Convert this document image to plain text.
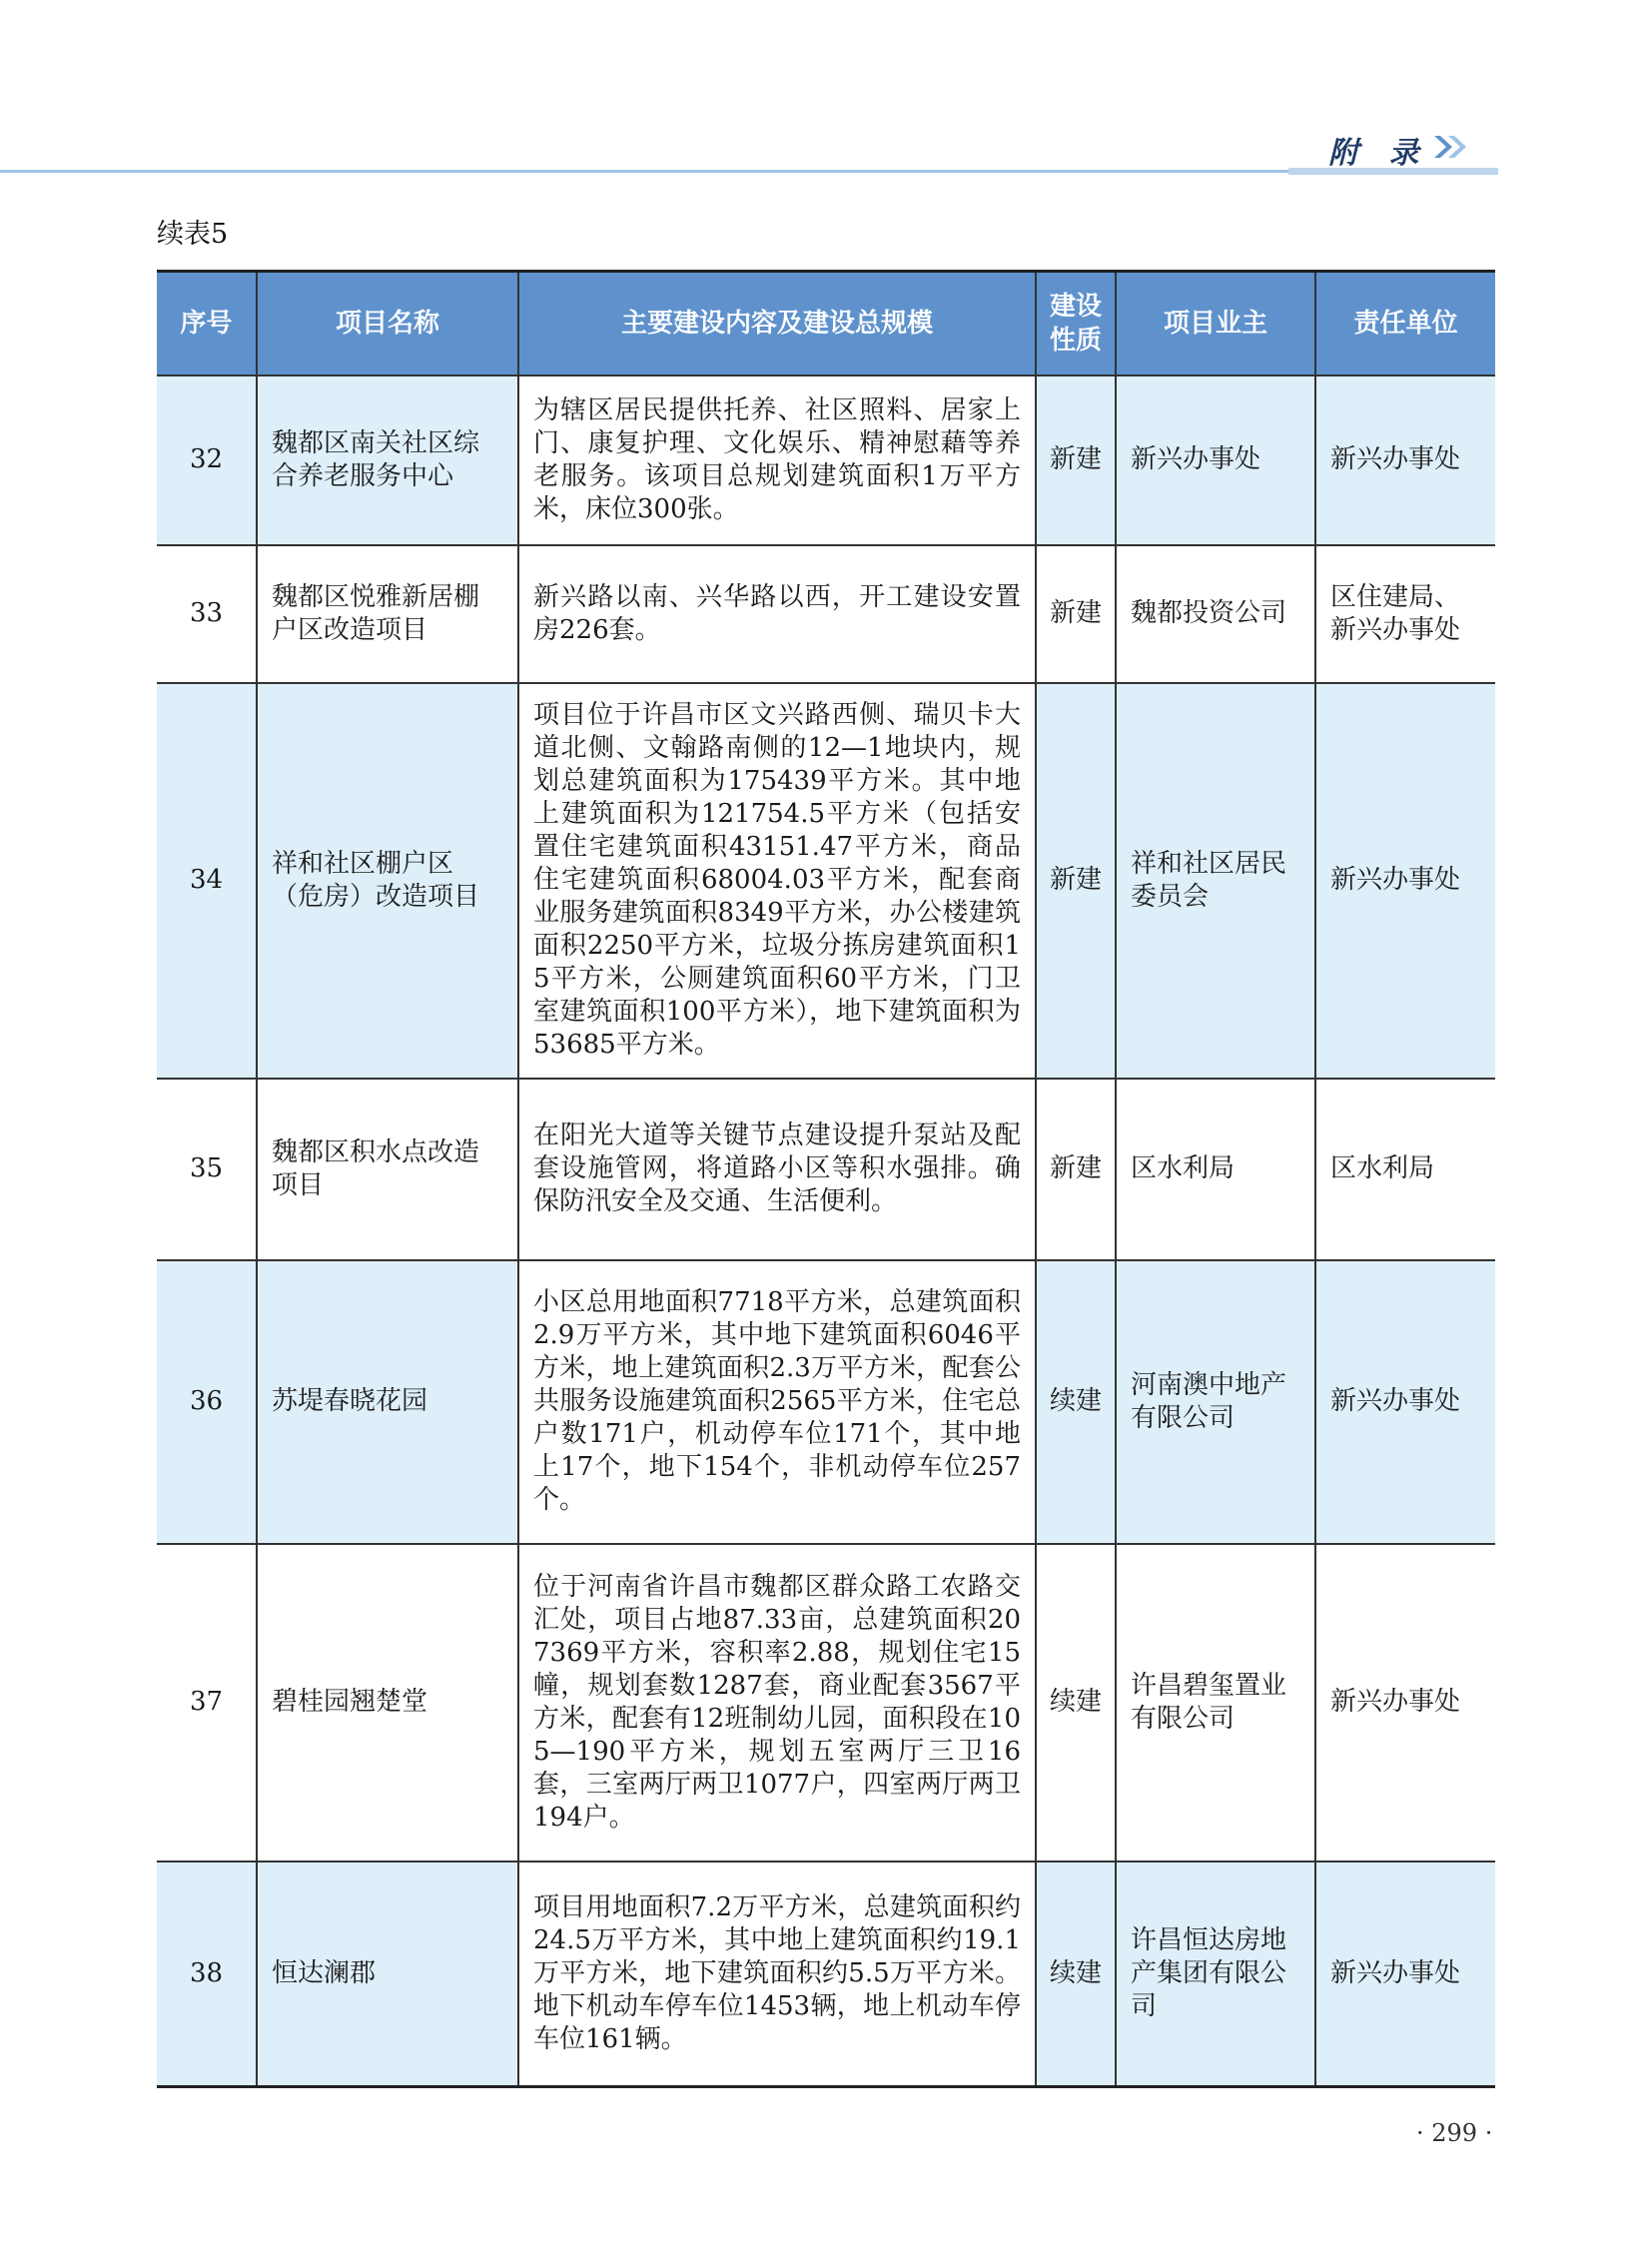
附 录
续表5
序号	项目名称	主要建设内容及建设总规模	建设性质	项目业主	责任单位
32	魏都区南关社区综合养老服务中心	为辖区居民提供托养、社区照料、居家上门、康复护理、文化娱乐、精神慰藉等养老服务。该项目总规划建筑面积1万平方米，床位300张。	新建	新兴办事处	新兴办事处
33	魏都区悦雅新居棚户区改造项目	新兴路以南、兴华路以西，开工建设安置房226套。	新建	魏都投资公司	区住建局、新兴办事处
34	祥和社区棚户区（危房）改造项目	项目位于许昌市区文兴路西侧、瑞贝卡大道北侧、文翰路南侧的12—1地块内，规划总建筑面积为175439平方米。其中地上建筑面积为121754.5平方米（包括安置住宅建筑面积43151.47平方米，商品住宅建筑面积68004.03平方米，配套商业服务建筑面积8349平方米，办公楼建筑面积2250平方米，垃圾分拣房建筑面积15平方米，公厕建筑面积60平方米，门卫室建筑面积100平方米），地下建筑面积为53685平方米。	新建	祥和社区居民委员会	新兴办事处
35	魏都区积水点改造项目	在阳光大道等关键节点建设提升泵站及配套设施管网，将道路小区等积水强排。确保防汛安全及交通、生活便利。	新建	区水利局	区水利局
36	苏堤春晓花园	小区总用地面积7718平方米，总建筑面积2.9万平方米，其中地下建筑面积6046平方米，地上建筑面积2.3万平方米，配套公共服务设施建筑面积2565平方米，住宅总户数171户，机动停车位171个，其中地上17个，地下154个，非机动停车位257个。	续建	河南澳中地产有限公司	新兴办事处
37	碧桂园翘楚堂	位于河南省许昌市魏都区群众路工农路交汇处，项目占地87.33亩，总建筑面积207369平方米，容积率2.88，规划住宅15幢，规划套数1287套，商业配套3567平方米，配套有12班制幼儿园，面积段在105—190平方米，规划五室两厅三卫16套，三室两厅两卫1077户，四室两厅两卫194户。	续建	许昌碧玺置业有限公司	新兴办事处
38	恒达澜郡	项目用地面积7.2万平方米，总建筑面积约24.5万平方米，其中地上建筑面积约19.1万平方米，地下建筑面积约5.5万平方米。地下机动车停车位1453辆，地上机动车停车位161辆。	续建	许昌恒达房地产集团有限公司	新兴办事处
· 299 ·
